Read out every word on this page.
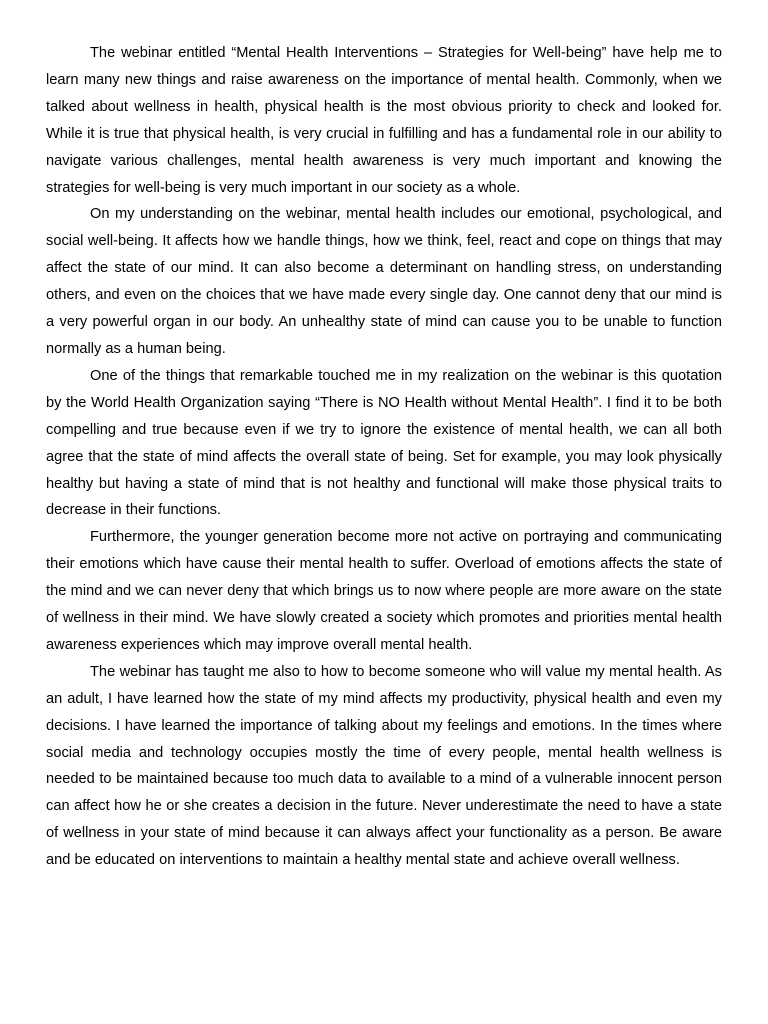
The webinar entitled “Mental Health Interventions – Strategies for Well-being” have help me to learn many new things and raise awareness on the importance of mental health. Commonly, when we talked about wellness in health, physical health is the most obvious priority to check and looked for. While it is true that physical health, is very crucial in fulfilling and has a fundamental role in our ability to navigate various challenges, mental health awareness is very much important and knowing the strategies for well-being is very much important in our society as a whole.

On my understanding on the webinar, mental health includes our emotional, psychological, and social well-being. It affects how we handle things, how we think, feel, react and cope on things that may affect the state of our mind. It can also become a determinant on handling stress, on understanding others, and even on the choices that we have made every single day. One cannot deny that our mind is a very powerful organ in our body. An unhealthy state of mind can cause you to be unable to function normally as a human being.

One of the things that remarkable touched me in my realization on the webinar is this quotation by the World Health Organization saying “There is NO Health without Mental Health”. I find it to be both compelling and true because even if we try to ignore the existence of mental health, we can all both agree that the state of mind affects the overall state of being. Set for example, you may look physically healthy but having a state of mind that is not healthy and functional will make those physical traits to decrease in their functions.

Furthermore, the younger generation become more not active on portraying and communicating their emotions which have cause their mental health to suffer. Overload of emotions affects the state of the mind and we can never deny that which brings us to now where people are more aware on the state of wellness in their mind. We have slowly created a society which promotes and priorities mental health awareness experiences which may improve overall mental health.

The webinar has taught me also to how to become someone who will value my mental health. As an adult, I have learned how the state of my mind affects my productivity, physical health and even my decisions. I have learned the importance of talking about my feelings and emotions. In the times where social media and technology occupies mostly the time of every people, mental health wellness is needed to be maintained because too much data to available to a mind of a vulnerable innocent person can affect how he or she creates a decision in the future. Never underestimate the need to have a state of wellness in your state of mind because it can always affect your functionality as a person. Be aware and be educated on interventions to maintain a healthy mental state and achieve overall wellness.
